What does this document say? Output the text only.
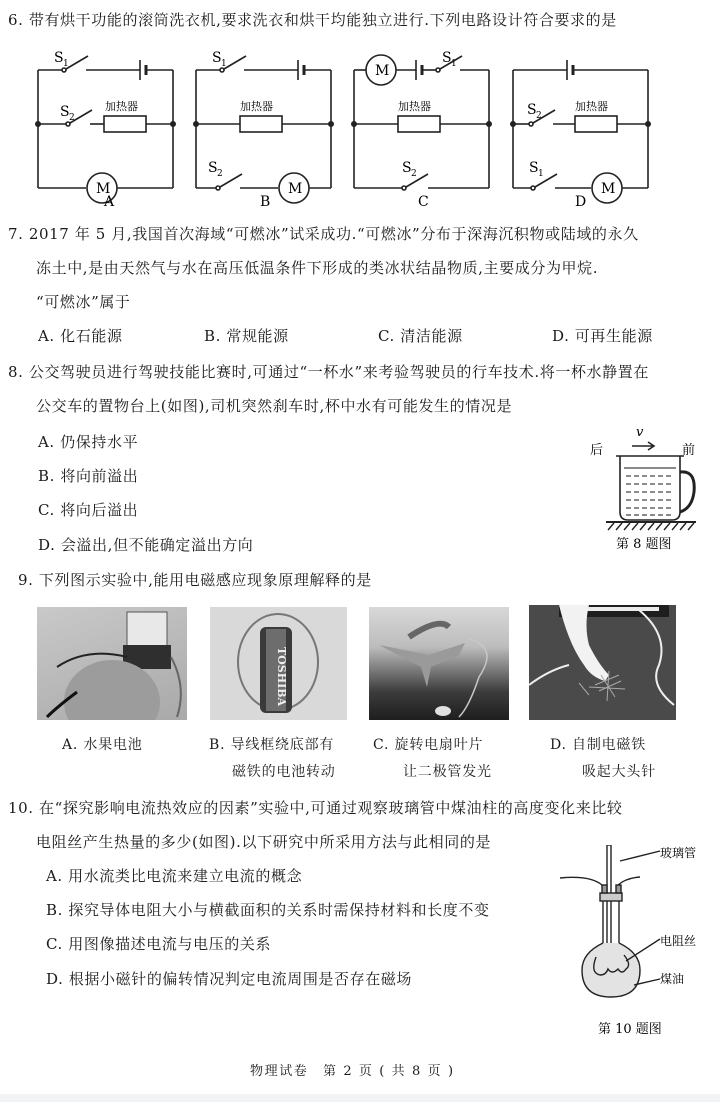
6. 带有烘干功能的滚筒洗衣机,要求洗衣和烘干均能独立进行.下列电路设计符合要求的是
S 1
S 2
加热器
M
A
S 1
加热器
S 2
M
B
M
S 1
加热器
S 2
C
S 2
加热器
S 1
M
D
7. 2017 年 5 月,我国首次海域“可燃冰”试采成功.“可燃冰”分布于深海沉积物或陆域的永久
冻土中,是由天然气与水在高压低温条件下形成的类冰状结晶物质,主要成分为甲烷.
“可燃冰”属于
A. 化石能源	B. 常规能源	C. 清洁能源	D. 可再生能源
8. 公交驾驶员进行驾驶技能比赛时,可通过“一杯水”来考验驾驶员的行车技术.将一杯水静置在
公交车的置物台上(如图),司机突然刹车时,杯中水有可能发生的情况是
A. 仍保持水平
B. 将向前溢出
C. 将向后溢出
D. 会溢出,但不能确定溢出方向
后	前
v
第 8 题图
9. 下列图示实验中,能用电磁感应现象原理解释的是
TOSHIBA
A. 水果电池	B. 导线框绕底部有
磁铁的电池转动
C. 旋转电扇叶片
让二极管发光
D. 自制电磁铁
吸起大头针
10. 在“探究影响电流热效应的因素”实验中,可通过观察玻璃管中煤油柱的高度变化来比较
电阻丝产生热量的多少(如图).以下研究中所采用方法与此相同的是
A. 用水流类比电流来建立电流的概念
B. 探究导体电阻大小与横截面积的关系时需保持材料和长度不变
C. 用图像描述电流与电压的关系
D. 根据小磁针的偏转情况判定电流周围是否存在磁场
玻璃管
电阻丝
煤油
第 10 题图
物理试卷　第 2 页 ( 共 8 页 )
